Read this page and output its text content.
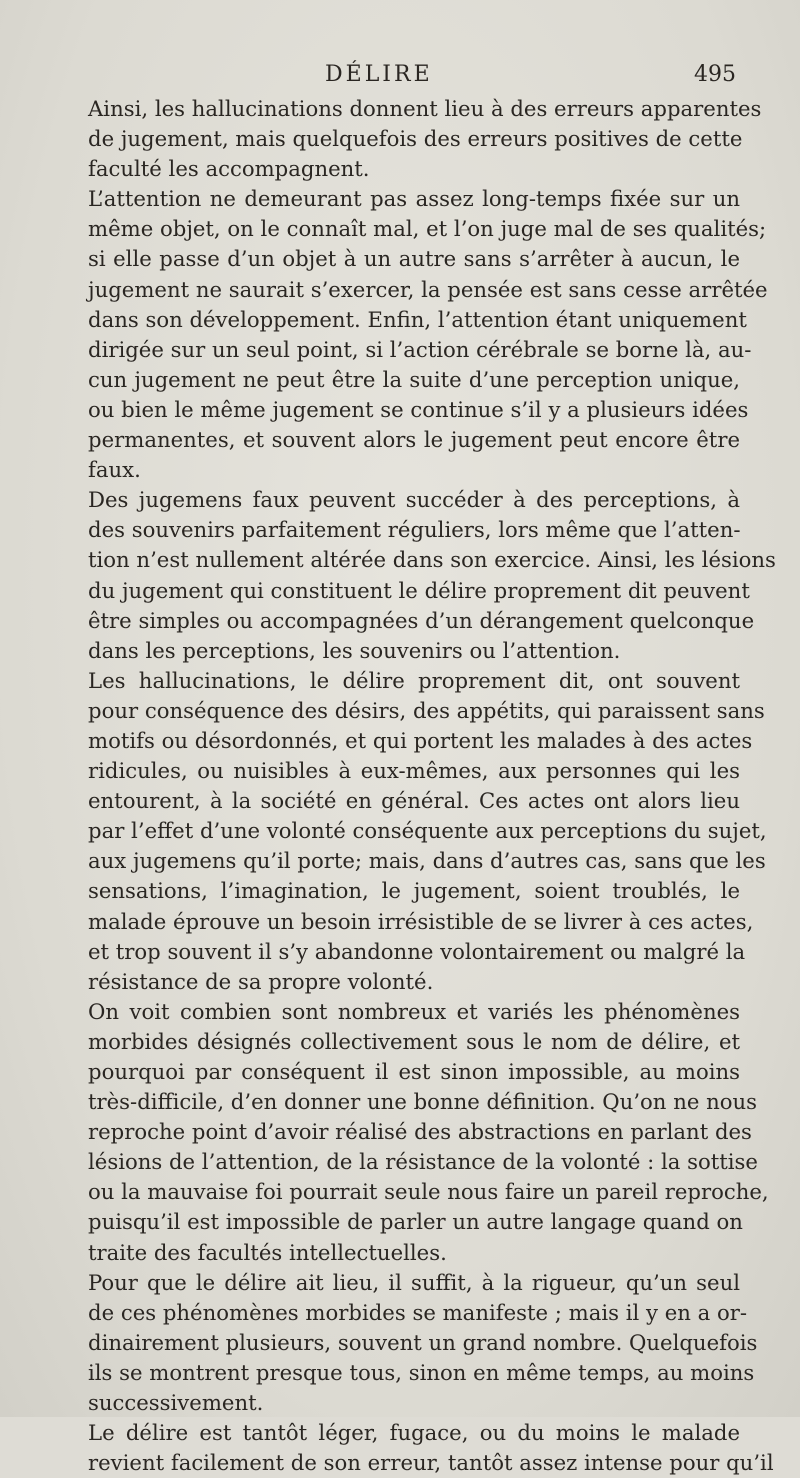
DÉLIRE	495
Ainsi, les hallucinations donnent lieu à des erreurs apparentes
de jugement, mais quelquefois des erreurs positives de cette
faculté les accompagnent.
L’attention ne demeurant pas assez long-temps fixée sur un
même objet, on le connaît mal, et l’on juge mal de ses qualités;
si elle passe d’un objet à un autre sans s’arrêter à aucun, le
jugement ne saurait s’exercer, la pensée est sans cesse arrêtée
dans son développement. Enfin, l’attention étant uniquement
dirigée sur un seul point, si l’action cérébrale se borne là, au-
cun jugement ne peut être la suite d’une perception unique,
ou bien le même jugement se continue s’il y a plusieurs idées
permanentes, et souvent alors le jugement peut encore être
faux.
Des jugemens faux peuvent succéder à des perceptions, à
des souvenirs parfaitement réguliers, lors même que l’atten-
tion n’est nullement altérée dans son exercice. Ainsi, les lésions
du jugement qui constituent le délire proprement dit peuvent
être simples ou accompagnées d’un dérangement quelconque
dans les perceptions, les souvenirs ou l’attention.
Les hallucinations, le délire proprement dit, ont souvent
pour conséquence des désirs, des appétits, qui paraissent sans
motifs ou désordonnés, et qui portent les malades à des actes
ridicules, ou nuisibles à eux-mêmes, aux personnes qui les
entourent, à la société en général. Ces actes ont alors lieu
par l’effet d’une volonté conséquente aux perceptions du sujet,
aux jugemens qu’il porte; mais, dans d’autres cas, sans que les
sensations, l’imagination, le jugement, soient troublés, le
malade éprouve un besoin irrésistible de se livrer à ces actes,
et trop souvent il s’y abandonne volontairement ou malgré la
résistance de sa propre volonté.
On voit combien sont nombreux et variés les phénomènes
morbides désignés collectivement sous le nom de délire, et
pourquoi par conséquent il est sinon impossible, au moins
très-difficile, d’en donner une bonne définition. Qu’on ne nous
reproche point d’avoir réalisé des abstractions en parlant des
lésions de l’attention, de la résistance de la volonté : la sottise
ou la mauvaise foi pourrait seule nous faire un pareil reproche,
puisqu’il est impossible de parler un autre langage quand on
traite des facultés intellectuelles.
Pour que le délire ait lieu, il suffit, à la rigueur, qu’un seul
de ces phénomènes morbides se manifeste ; mais il y en a or-
dinairement plusieurs, souvent un grand nombre. Quelquefois
ils se montrent presque tous, sinon en même temps, au moins
successivement.
Le délire est tantôt léger, fugace, ou du moins le malade
revient facilement de son erreur, tantôt assez intense pour qu’il
